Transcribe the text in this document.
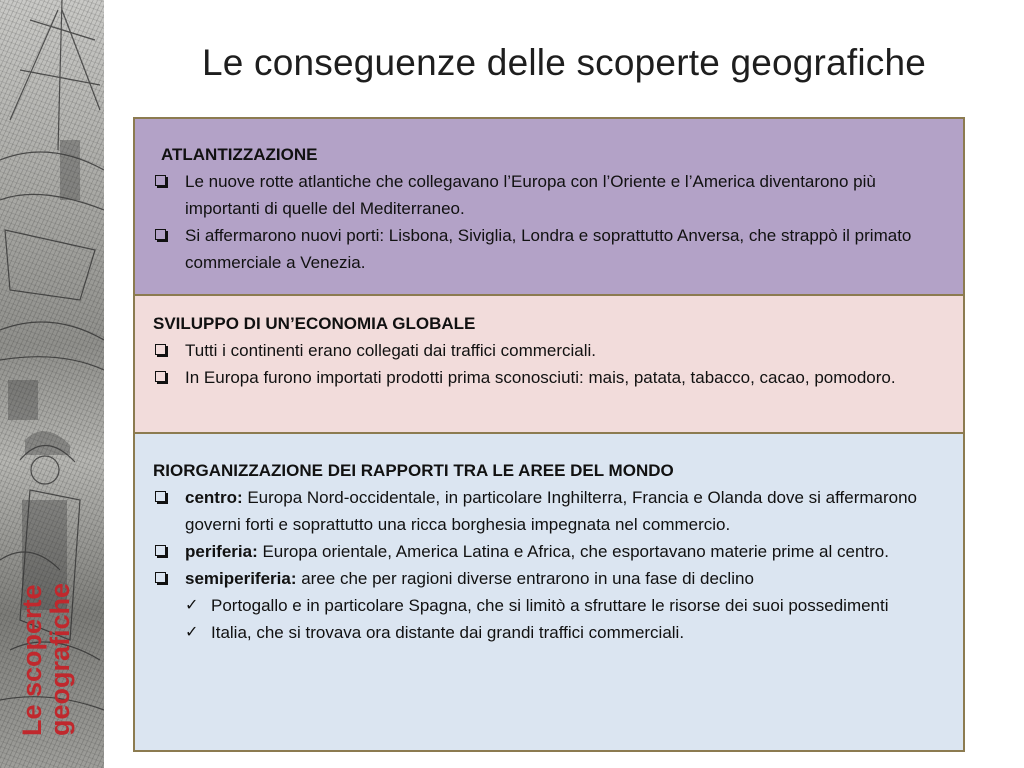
Le scoperte
geografiche
Le conseguenze delle scoperte geografiche
ATLANTIZZAZIONE
Le nuove rotte atlantiche che collegavano l’Europa con l’Oriente e l’America diventarono più importanti di quelle del Mediterraneo.
Si affermarono nuovi porti: Lisbona, Siviglia, Londra e soprattutto Anversa, che strappò il primato commerciale a Venezia.
SVILUPPO DI UN’ECONOMIA GLOBALE
Tutti i continenti erano collegati dai traffici commerciali.
In Europa furono importati prodotti prima sconosciuti: mais, patata, tabacco, cacao, pomodoro.
RIORGANIZZAZIONE DEI RAPPORTI TRA LE AREE DEL MONDO
centro: Europa Nord-occidentale, in particolare Inghilterra, Francia e Olanda dove si affermarono governi forti e soprattutto una ricca borghesia impegnata nel commercio.
periferia: Europa orientale, America Latina e Africa, che esportavano materie prime al centro.
semiperiferia: aree che per ragioni diverse entrarono in una fase di declino
✓ Portogallo e in particolare Spagna, che si limitò a sfruttare le risorse dei suoi possedimenti
✓ Italia, che si trovava ora distante dai grandi traffici commerciali.
